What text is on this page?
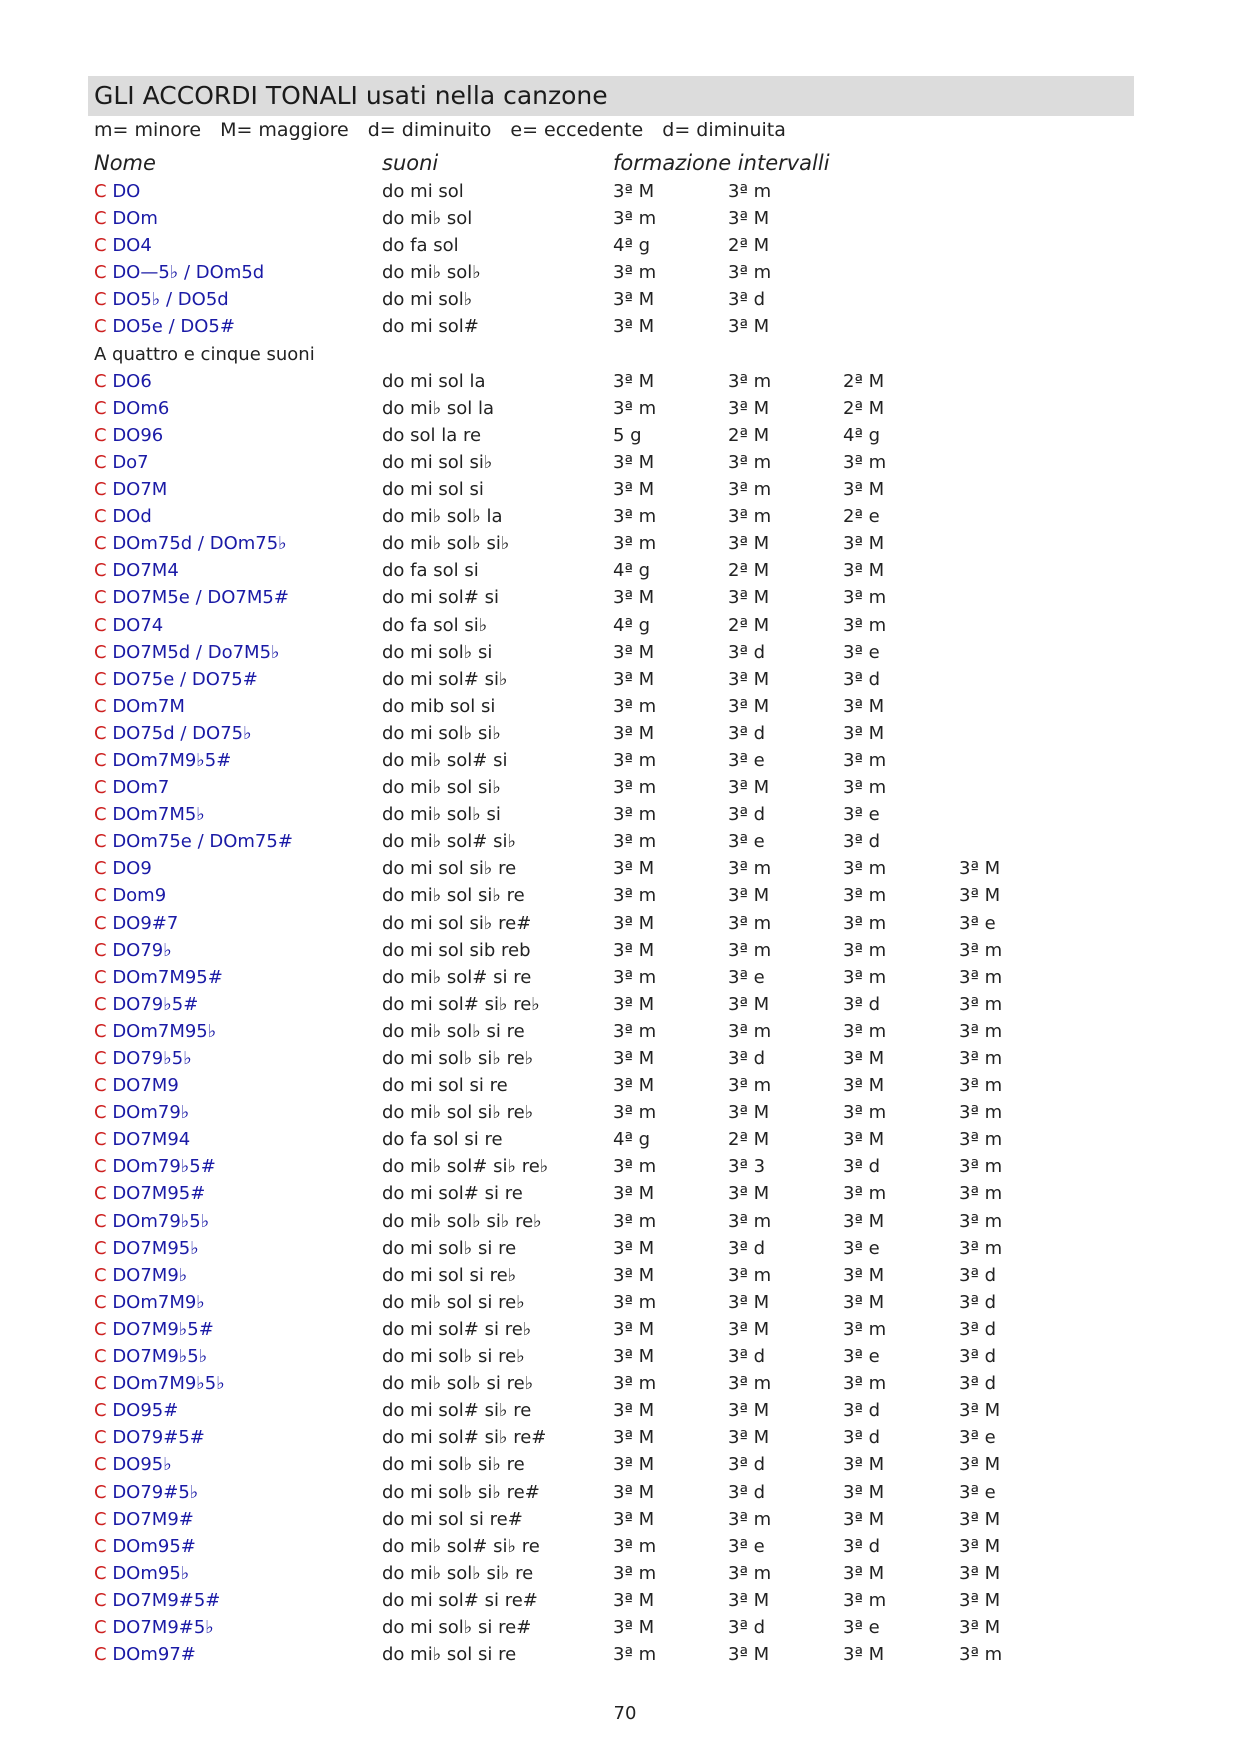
GLI ACCORDI TONALI usati nella canzone
m= minore M= maggiore d= diminuito e= eccedente d= diminuita
Nome	suoni	formazione intervalli
C DO	do mi sol	3ª M	3ª m
C DOm	do mi♭ sol	3ª m	3ª M
C DO4	do fa sol	4ª g	2ª M
C DO—5♭ / DOm5d	do mi♭ sol♭	3ª m	3ª m
C DO5♭ / DO5d	do mi sol♭	3ª M	3ª d
C DO5e / DO5#	do mi sol#	3ª M	3ª M
A quattro e cinque suoni
C DO6	do mi sol la	3ª M	3ª m	2ª M
C DOm6	do mi♭ sol la	3ª m	3ª M	2ª M
C DO96	do sol la re	5 g	2ª M	4ª g
C Do7	do mi sol si♭	3ª M	3ª m	3ª m
C DO7M	do mi sol si	3ª M	3ª m	3ª M
C DOd	do mi♭ sol♭ la	3ª m	3ª m	2ª e
C DOm75d / DOm75♭	do mi♭ sol♭ si♭	3ª m	3ª M	3ª M
C DO7M4	do fa sol si	4ª g	2ª M	3ª M
C DO7M5e / DO7M5#	do mi sol# si	3ª M	3ª M	3ª m
C DO74	do fa sol si♭	4ª g	2ª M	3ª m
C DO7M5d / Do7M5♭	do mi sol♭ si	3ª M	3ª d	3ª e
C DO75e / DO75#	do mi sol# si♭	3ª M	3ª M	3ª d
C DOm7M	do mib sol si	3ª m	3ª M	3ª M
C DO75d / DO75♭	do mi sol♭ si♭	3ª M	3ª d	3ª M
C DOm7M9♭5#	do mi♭ sol# si	3ª m	3ª e	3ª m
C DOm7	do mi♭ sol si♭	3ª m	3ª M	3ª m
C DOm7M5♭	do mi♭ sol♭ si	3ª m	3ª d	3ª e
C DOm75e / DOm75#	do mi♭ sol# si♭	3ª m	3ª e	3ª d
C DO9	do mi sol si♭ re	3ª M	3ª m	3ª m	3ª M
C Dom9	do mi♭ sol si♭ re	3ª m	3ª M	3ª m	3ª M
C DO9#7	do mi sol si♭ re#	3ª M	3ª m	3ª m	3ª e
C DO79♭	do mi sol sib reb	3ª M	3ª m	3ª m	3ª m
C DOm7M95#	do mi♭ sol# si re	3ª m	3ª e	3ª m	3ª m
C DO79♭5#	do mi sol# si♭ re♭	3ª M	3ª M	3ª d	3ª m
C DOm7M95♭	do mi♭ sol♭ si re	3ª m	3ª m	3ª m	3ª m
C DO79♭5♭	do mi sol♭ si♭ re♭	3ª M	3ª d	3ª M	3ª m
C DO7M9	do mi sol si re	3ª M	3ª m	3ª M	3ª m
C DOm79♭	do mi♭ sol si♭ re♭	3ª m	3ª M	3ª m	3ª m
C DO7M94	do fa sol si re	4ª g	2ª M	3ª M	3ª m
C DOm79♭5#	do mi♭ sol# si♭ re♭	3ª m	3ª 3	3ª d	3ª m
C DO7M95#	do mi sol# si re	3ª M	3ª M	3ª m	3ª m
C DOm79♭5♭	do mi♭ sol♭ si♭ re♭	3ª m	3ª m	3ª M	3ª m
C DO7M95♭	do mi sol♭ si re	3ª M	3ª d	3ª e	3ª m
C DO7M9♭	do mi sol si re♭	3ª M	3ª m	3ª M	3ª d
C DOm7M9♭	do mi♭ sol si re♭	3ª m	3ª M	3ª M	3ª d
C DO7M9♭5#	do mi sol# si re♭	3ª M	3ª M	3ª m	3ª d
C DO7M9♭5♭	do mi sol♭ si re♭	3ª M	3ª d	3ª e	3ª d
C DOm7M9♭5♭	do mi♭ sol♭ si re♭	3ª m	3ª m	3ª m	3ª d
C DO95#	do mi sol# si♭ re	3ª M	3ª M	3ª d	3ª M
C DO79#5#	do mi sol# si♭ re#	3ª M	3ª M	3ª d	3ª e
C DO95♭	do mi sol♭ si♭ re	3ª M	3ª d	3ª M	3ª M
C DO79#5♭	do mi sol♭ si♭ re#	3ª M	3ª d	3ª M	3ª e
C DO7M9#	do mi sol si re#	3ª M	3ª m	3ª M	3ª M
C DOm95#	do mi♭ sol# si♭ re	3ª m	3ª e	3ª d	3ª M
C DOm95♭	do mi♭ sol♭ si♭ re	3ª m	3ª m	3ª M	3ª M
C DO7M9#5#	do mi sol# si re#	3ª M	3ª M	3ª m	3ª M
C DO7M9#5♭	do mi sol♭ si re#	3ª M	3ª d	3ª e	3ª M
C DOm97#	do mi♭ sol si re	3ª m	3ª M	3ª M	3ª m
70
